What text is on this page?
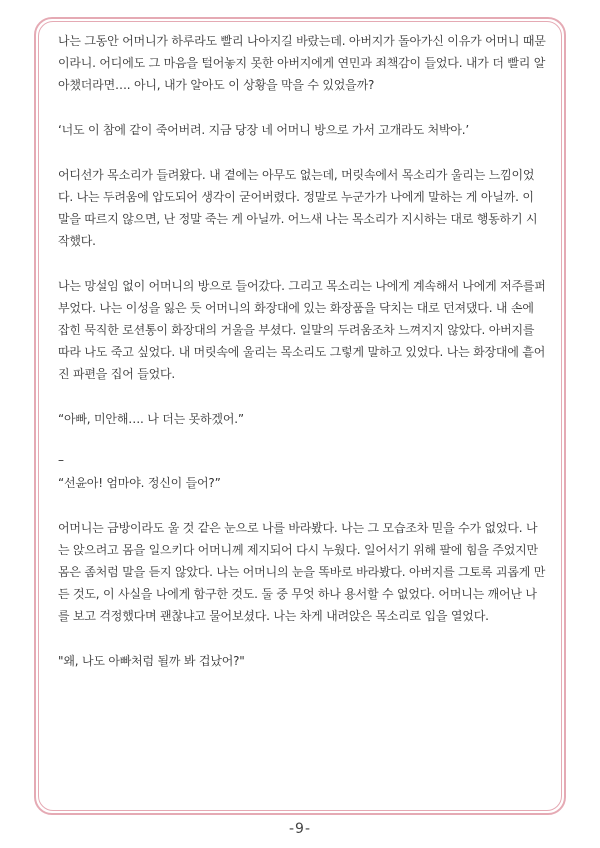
나는 그동안 어머니가 하루라도 빨리 나아지길 바랐는데. 아버지가 돌아가신 이유가 어머니 때문이라니. 어디에도 그 마음을 털어놓지 못한 아버지에게 연민과 죄책감이 들었다. 내가 더 빨리 알아챘더라면…. 아니, 내가 알아도 이 상황을 막을 수 있었을까?

‘너도 이 참에 같이 죽어버려. 지금 당장 네 어머니 방으로 가서 고개라도 처박아.’

어디선가 목소리가 들려왔다. 내 곁에는 아무도 없는데, 머릿속에서 목소리가 울리는 느낌이었다. 나는 두려움에 압도되어 생각이 굳어버렸다. 정말로 누군가가 나에게 말하는 게 아닐까. 이 말을 따르지 않으면, 난 정말 죽는 게 아닐까. 어느새 나는 목소리가 지시하는 대로 행동하기 시작했다.

나는 망설임 없이 어머니의 방으로 들어갔다. 그리고 목소리는 나에게 계속해서 나에게 저주를퍼부었다. 나는 이성을 잃은 듯 어머니의 화장대에 있는 화장품을 닥치는 대로 던져댔다. 내 손에 잡힌 묵직한 로션통이 화장대의 거울을 부셨다. 일말의 두려움조차 느껴지지 않았다. 아버지를 따라 나도 죽고 싶었다. 내 머릿속에 울리는 목소리도 그렇게 말하고 있었다. 나는 화장대에 흩어진 파편을 집어 들었다.

“아빠, 미안해…. 나 더는 못하겠어.”

–

“선윤아! 엄마야. 정신이 들어?”

어머니는 금방이라도 울 것 같은 눈으로 나를 바라봤다. 나는 그 모습조차 믿을 수가 없었다. 나는 앉으려고 몸을 일으키다 어머니께 제지되어 다시 누웠다. 일어서기 위해 팔에 힘을 주었지만 몸은 좀처럼 말을 듣지 않았다. 나는 어머니의 눈을 똑바로 바라봤다. 아버지를 그토록 괴롭게 만든 것도, 이 사실을 나에게 함구한 것도. 둘 중 무엇 하나 용서할 수 없었다. 어머니는 깨어난 나를 보고 걱정했다며 괜찮냐고 물어보셨다. 나는 차게 내려앉은 목소리로 입을 열었다.

"왜, 나도 아빠처럼 될까 봐 겁났어?"

-9-
